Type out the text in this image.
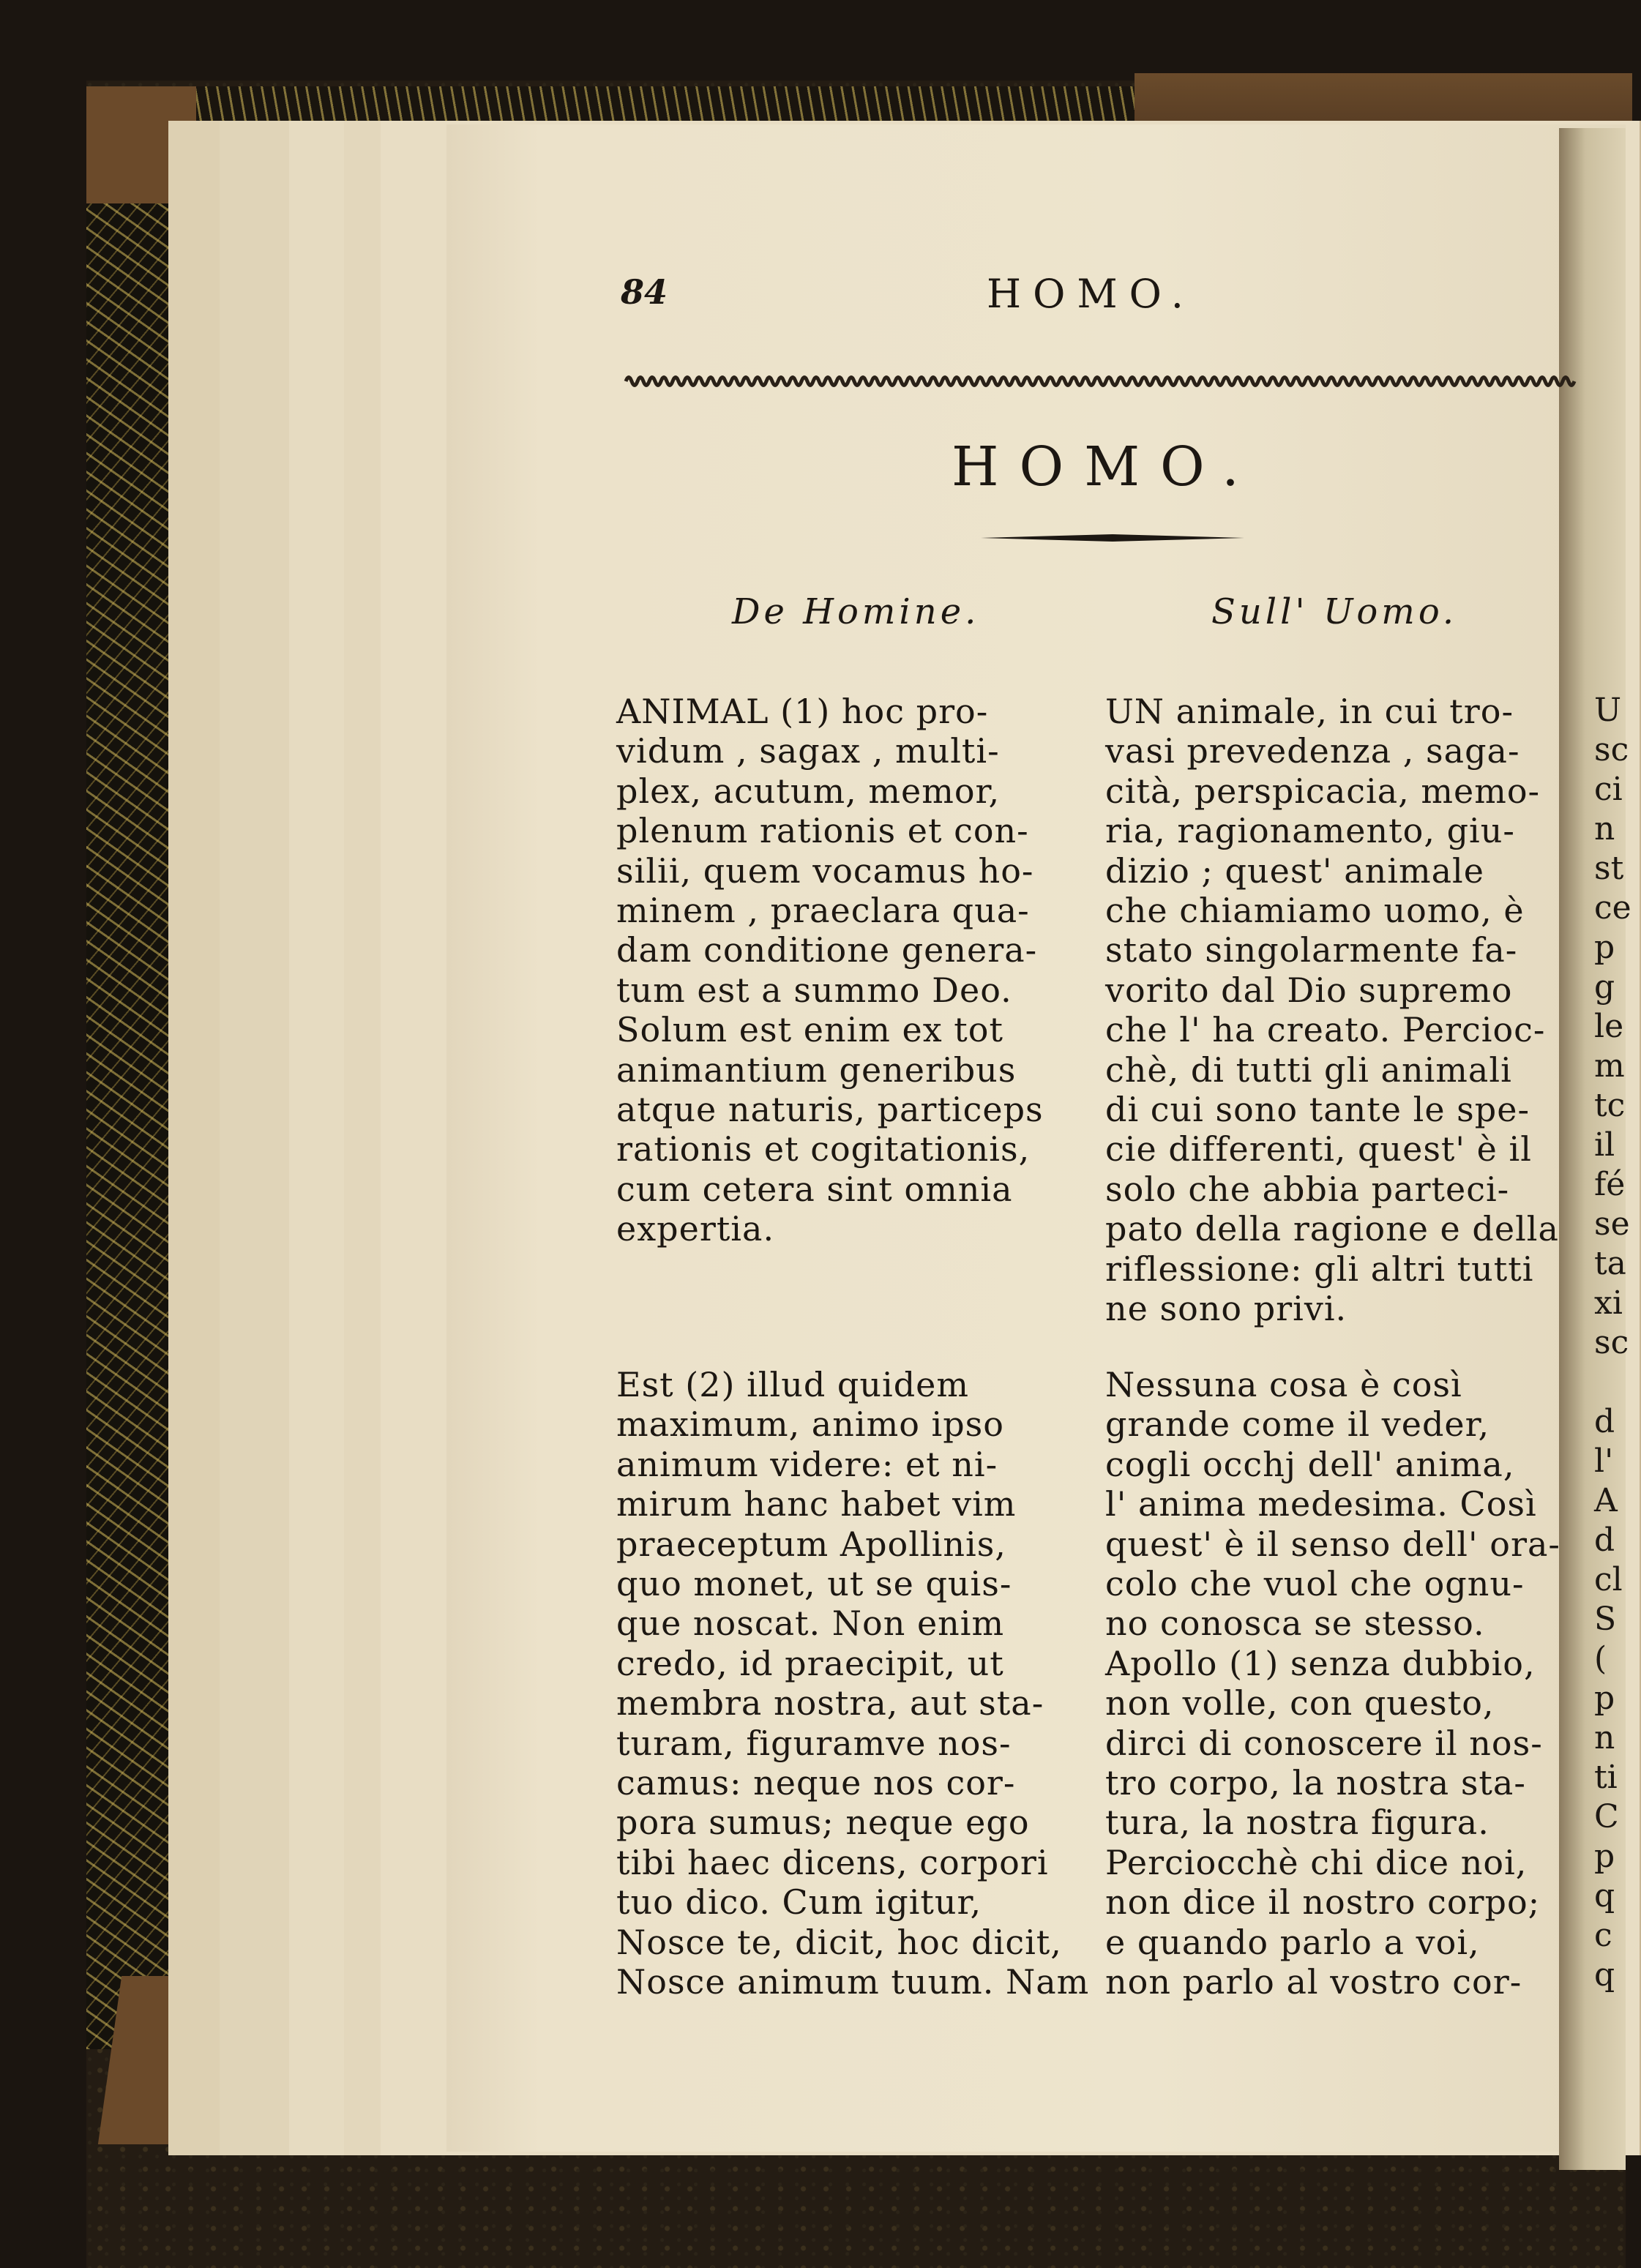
84	HOMO.
HOMO.
De Homine.	Sull' Uomo.
ANIMAL (1) hoc pro-
vidum , sagax , multi-
plex, acutum, memor,
plenum rationis et con-
silii, quem vocamus ho-
minem , praeclara qua-
dam conditione genera-
tum est a summo Deo.
Solum est enim ex tot
animantium generibus
atque naturis, particeps
rationis et cogitationis,
cum cetera sint omnia
expertia.
Est (2) illud quidem
maximum, animo ipso
animum videre: et ni-
mirum hanc habet vim
praeceptum Apollinis,
quo monet, ut se quis-
que noscat. Non enim
credo, id praecipit, ut
membra nostra, aut sta-
turam, figuramve nos-
camus: neque nos cor-
pora sumus; neque ego
tibi haec dicens, corpori
tuo dico. Cum igitur,
Nosce te, dicit, hoc dicit,
Nosce animum tuum. Nam
UN animale, in cui tro-
vasi prevedenza , saga-
cità, perspicacia, memo-
ria, ragionamento, giu-
dizio ; quest' animale
che chiamiamo uomo, è
stato singolarmente fa-
vorito dal Dio supremo
che l' ha creato. Percioc-
chè, di tutti gli animali
di cui sono tante le spe-
cie differenti, quest' è il
solo che abbia parteci-
pato della ragione e della
riflessione: gli altri tutti
ne sono privi.
Nessuna cosa è così
grande come il veder,
cogli occhj dell' anima,
l' anima medesima. Così
quest' è il senso dell' ora-
colo che vuol che ognu-
no conosca se stesso.
Apollo (1) senza dubbio,
non volle, con questo,
dirci di conoscere il nos-
tro corpo, la nostra sta-
tura, la nostra figura.
Perciocchè chi dice noi,
non dice il nostro corpo;
e quando parlo a voi,
non parlo al vostro cor-
U
sc
ci
n
st
ce
p
g
le
m
tc
il
fé
se
ta
xi
sc
d
l'
A
d
cl
S
(
p
n
ti
C
p
q
c
q
